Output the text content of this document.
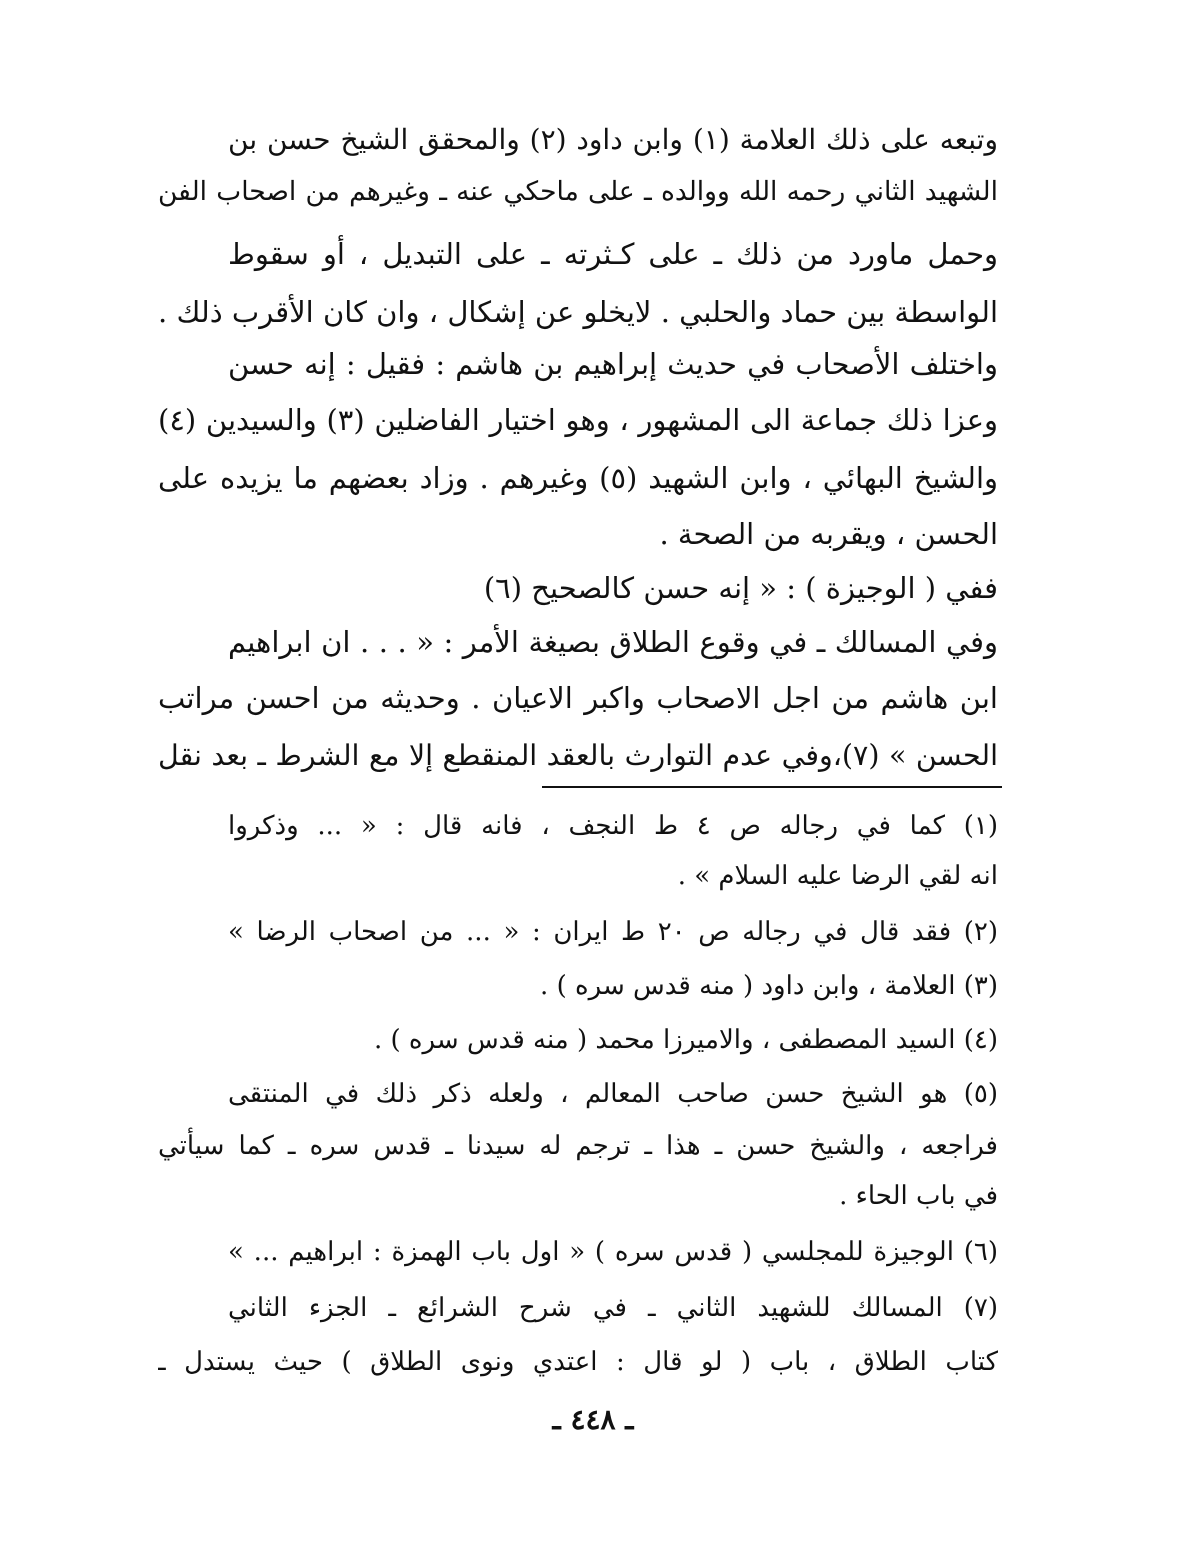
وتبعه على ذلك العلامة (١) وابن داود (٢) والمحقق الشيخ حسن بن
الشهيد الثاني رحمه الله ووالده ـ على ماحكي عنه ـ وغيرهم من اصحاب الفن
وحمل ماورد من ذلك ـ على كـثرته ـ على التبديل ، أو سقوط
الواسطة بين حماد والحلبي . لايخلو عن إشكال ، وان كان الأقرب ذلك .
واختلف الأصحاب في حديث إبراهيم بن هاشم : فقيل : إنه حسن
وعزا ذلك جماعة الى المشهور ، وهو اختيار الفاضلين (٣) والسيدين (٤)
والشيخ البهائي ، وابن الشهيد (٥) وغيرهم . وزاد بعضهم ما يزيده على
الحسن ، ويقربه من الصحة .
ففي ( الوجيزة ) : « إنه حسن كالصحيح (٦)
وفي المسالك ـ في وقوع الطلاق بصيغة الأمر : « . . . ان ابراهيم
ابن هاشم من اجل الاصحاب واكبر الاعيان . وحديثه من احسن مراتب
الحسن » (٧)،وفي عدم التوارث بالعقد المنقطع إلا مع الشرط ـ بعد نقل
(١) كما في رجاله ص ٤ ط النجف ، فانه قال : « ... وذكروا
انه لقي الرضا عليه السلام » .
(٢) فقد قال في رجاله ص ٢٠ ط ايران : « ... من اصحاب الرضا »
(٣) العلامة ، وابن داود ( منه قدس سره ) .
(٤) السيد المصطفى ، والاميرزا محمد ( منه قدس سره ) .
(٥) هو الشيخ حسن صاحب المعالم ، ولعله ذكر ذلك في المنتقى
فراجعه ، والشيخ حسن ـ هذا ـ ترجم له سيدنا ـ قدس سره ـ كما سيأتي
في باب الحاء .
(٦) الوجيزة للمجلسي ( قدس سره ) « اول باب الهمزة : ابراهيم ... »
(٧) المسالك للشهيد الثاني ـ في شرح الشرائع ـ الجزء الثاني
كتاب الطلاق ، باب ( لو قال : اعتدي ونوى الطلاق ) حيث يستدل ـ
ـ ٤٤٨ ـ
